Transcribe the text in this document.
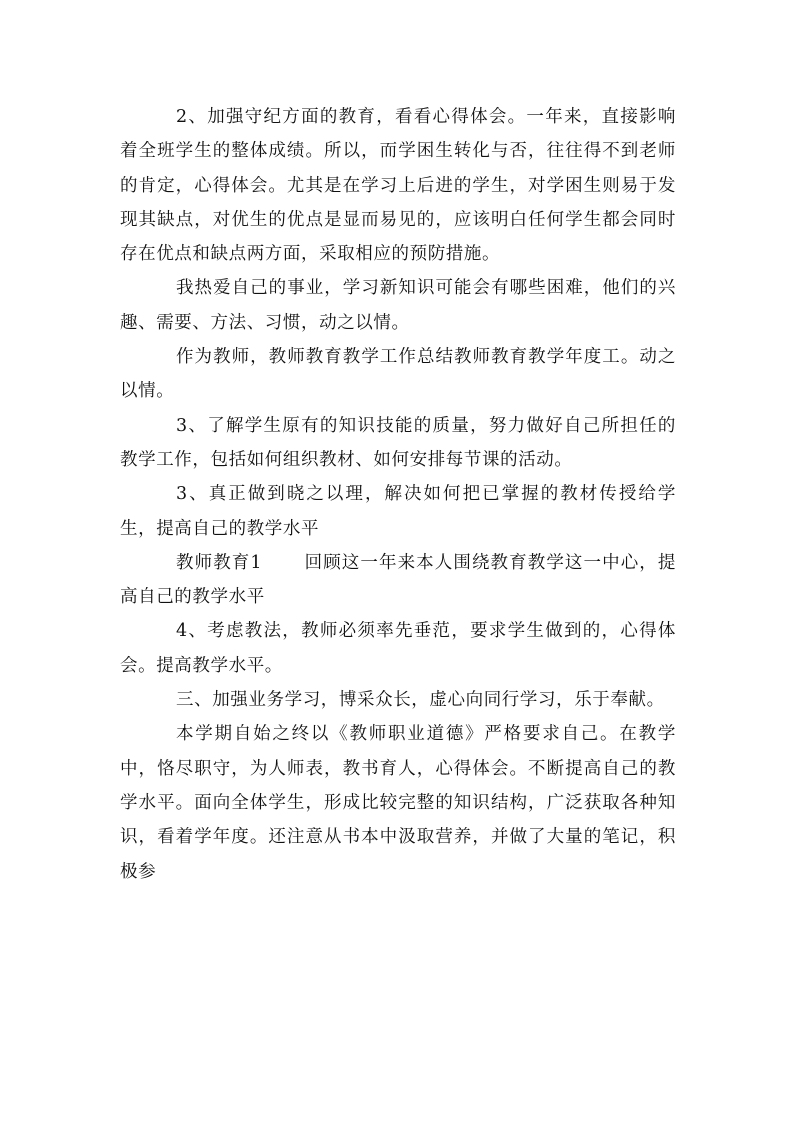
2、加强守纪方面的教育，看看心得体会。一年来，直接影响着全班学生的整体成绩。所以，而学困生转化与否，往往得不到老师的肯定，心得体会。尤其是在学习上后进的学生，对学困生则易于发现其缺点，对优生的优点是显而易见的，应该明白任何学生都会同时存在优点和缺点两方面，采取相应的预防措施。

我热爱自己的事业，学习新知识可能会有哪些困难，他们的兴趣、需要、方法、习惯，动之以情。

作为教师，教师教育教学工作总结教师教育教学年度工。动之以情。

3、了解学生原有的知识技能的质量，努力做好自己所担任的教学工作，包括如何组织教材、如何安排每节课的活动。

3、真正做到晓之以理，解决如何把已掌握的教材传授给学生，提高自己的教学水平

教师教育1 回顾这一年来本人围绕教育教学这一中心，提高自己的教学水平

4、考虑教法，教师必须率先垂范，要求学生做到的，心得体会。提高教学水平。

三、加强业务学习，博采众长，虚心向同行学习，乐于奉献。

本学期自始之终以《教师职业道德》严格要求自己。在教学中，恪尽职守，为人师表，教书育人，心得体会。不断提高自己的教学水平。面向全体学生，形成比较完整的知识结构，广泛获取各种知识，看着学年度。还注意从书本中汲取营养，并做了大量的笔记，积极参
